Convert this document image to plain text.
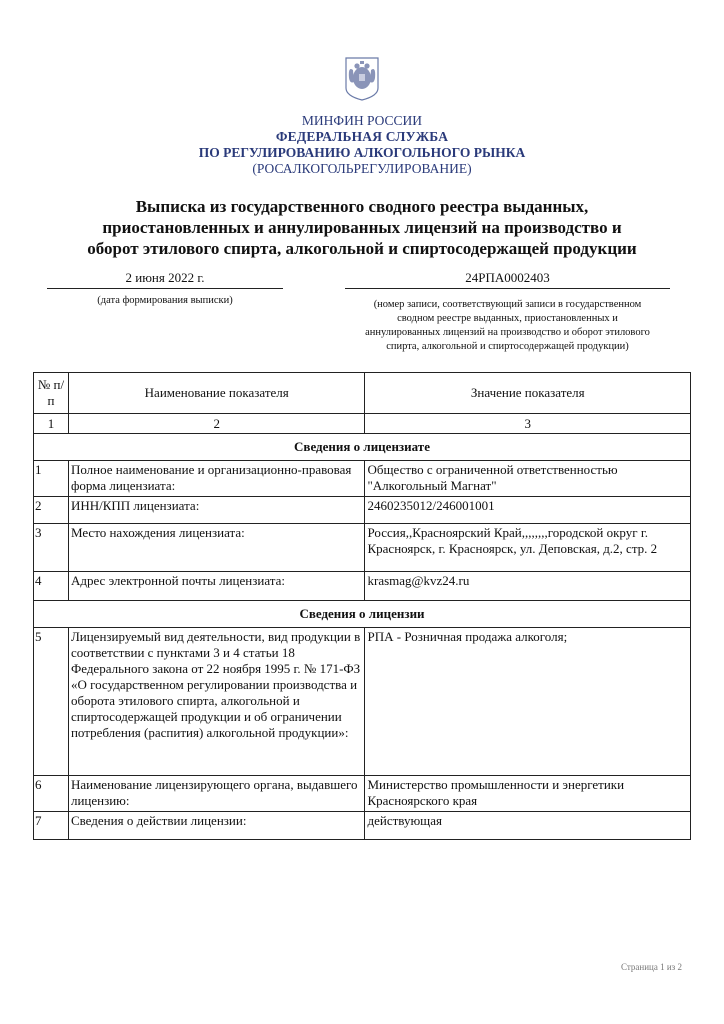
МИНФИН РОССИИ
ФЕДЕРАЛЬНАЯ СЛУЖБА
ПО РЕГУЛИРОВАНИЮ АЛКОГОЛЬНОГО РЫНКА
(РОСАЛКОГОЛЬРЕГУЛИРОВАНИЕ)
Выписка из государственного сводного реестра выданных,
приостановленных и аннулированных лицензий на производство и
оборот этилового спирта, алкогольной и спиртосодержащей продукции
2 июня 2022 г.
(дата формирования выписки)
24РПА0002403
(номер записи, соответствующий записи в государственном сводном реестре выданных, приостановленных и аннулированных лицензий на производство и оборот этилового спирта, алкогольной и спиртосодержащей продукции)
№ п/п	Наименование показателя	Значение показателя
1	2	3
Сведения о лицензиате		
1	Полное наименование и организационно-правовая форма лицензиата:	Общество с ограниченной ответственностью "Алкогольный Магнат"
2	ИНН/КПП лицензиата:	2460235012/246001001
3	Место нахождения лицензиата:	Россия,,Красноярский Край,,,,,,,,городской округ г. Красноярск, г. Красноярск, ул. Деповская, д.2, стр. 2
4	Адрес электронной почты лицензиата:	krasmag@kvz24.ru
Сведения о лицензии		
5	Лицензируемый вид деятельности, вид продукции в соответствии с пунктами 3 и 4 статьи 18 Федерального закона от 22 ноября 1995 г. № 171-ФЗ «О государственном регулировании производства и оборота этилового спирта, алкогольной и спиртосодержащей продукции и об ограничении потребления (распития) алкогольной продукции»:	РПА - Розничная продажа алкоголя;
6	Наименование лицензирующего органа, выдавшего лицензию:	Министерство промышленности и энергетики Красноярского края
7	Сведения о действии лицензии:	действующая
Страница 1 из 2
